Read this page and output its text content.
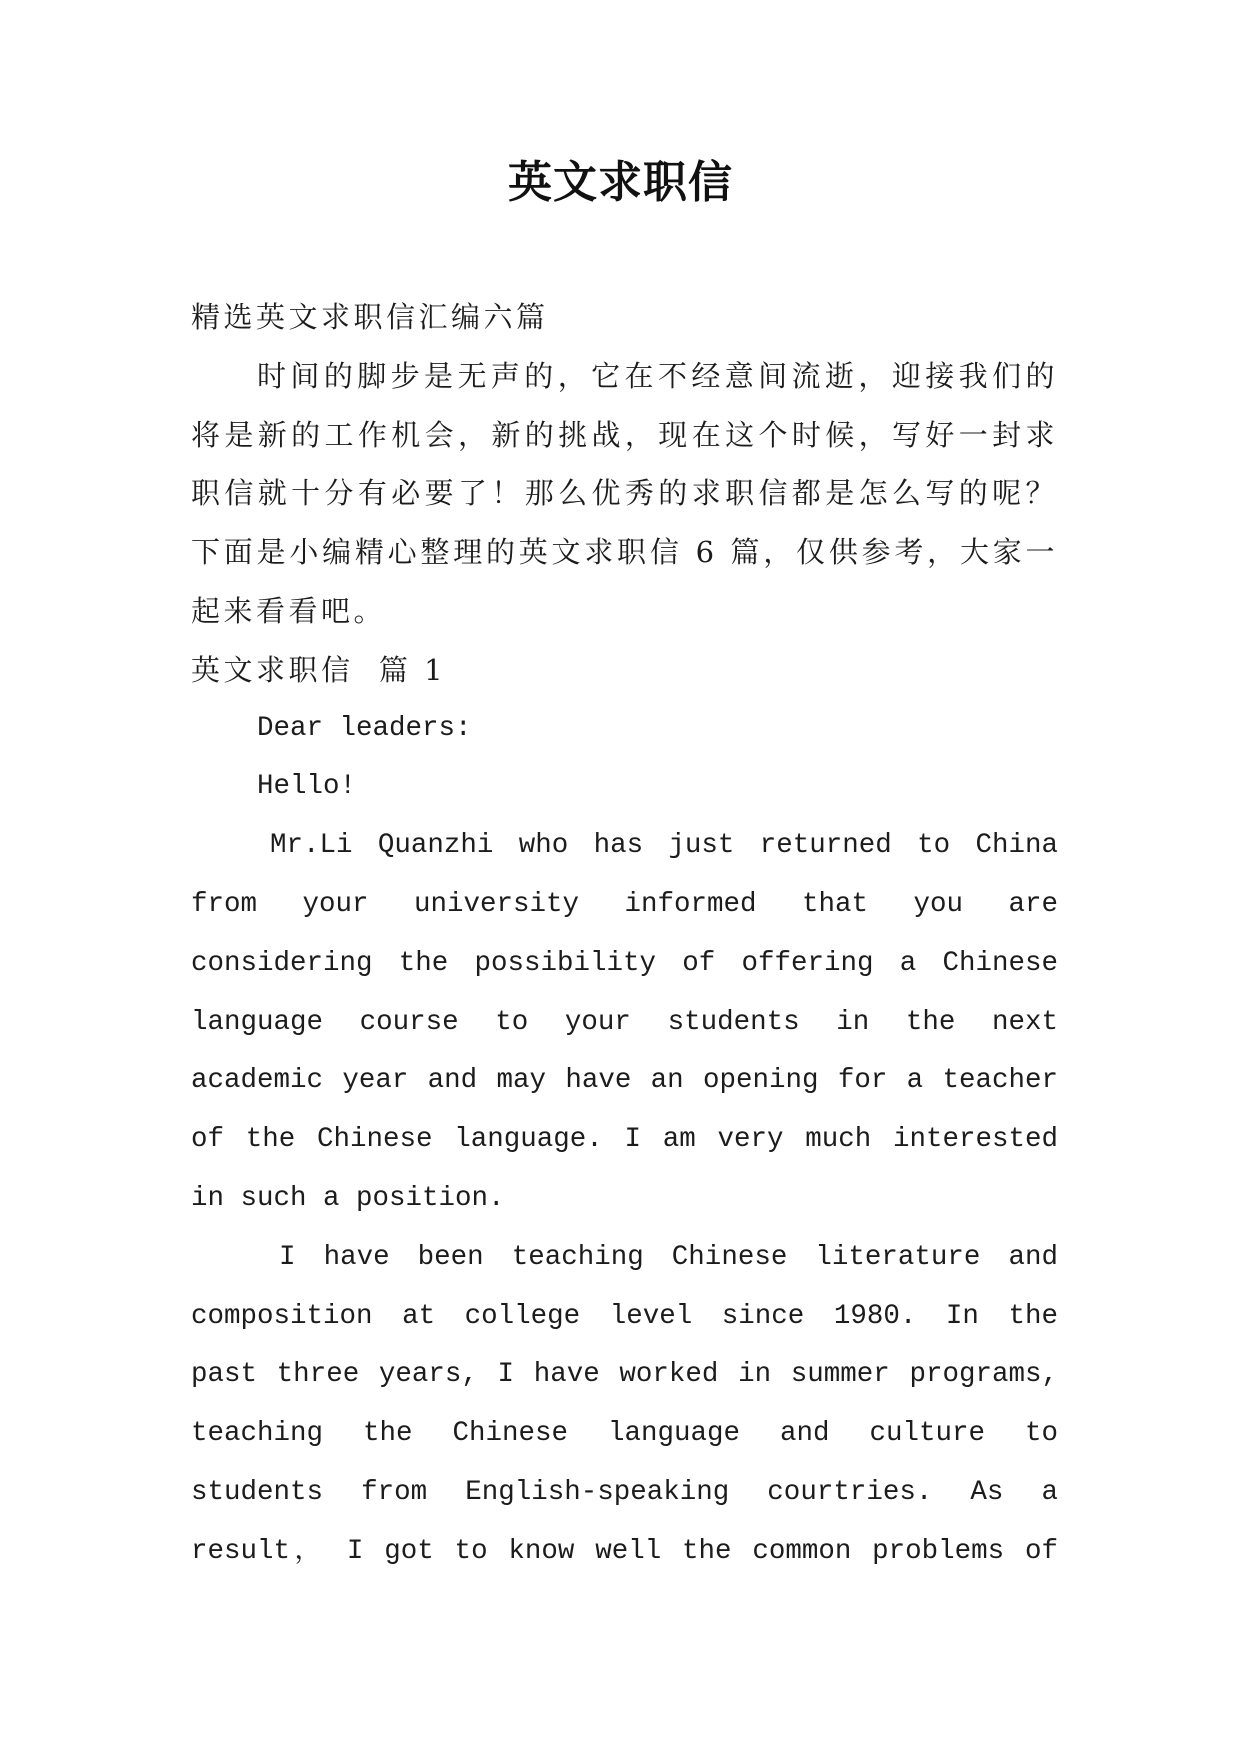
英文求职信
精选英文求职信汇编六篇
时间的脚步是无声的，它在不经意间流逝，迎接我们的
将是新的工作机会，新的挑战，现在这个时候，写好一封求
职信就十分有必要了！那么优秀的求职信都是怎么写的呢？
下面是小编精心整理的英文求职信 6 篇，仅供参考，大家一
起来看看吧。
英文求职信  篇 1
Dear leaders:
Hello!
Mr.Li Quanzhi who has just returned to China
from your university informed that you are
considering the possibility of offering a Chinese
language course to your students in the next
academic year and may have an opening for a teacher
of the Chinese language. I am very much interested
in such a position.
I have been teaching Chinese literature and
composition at college level since 1980. In the
past three years, I have worked in summer programs,
teaching the Chinese language and culture to
students from English-speaking courtries. As a
result， I got to know well the common problems of
